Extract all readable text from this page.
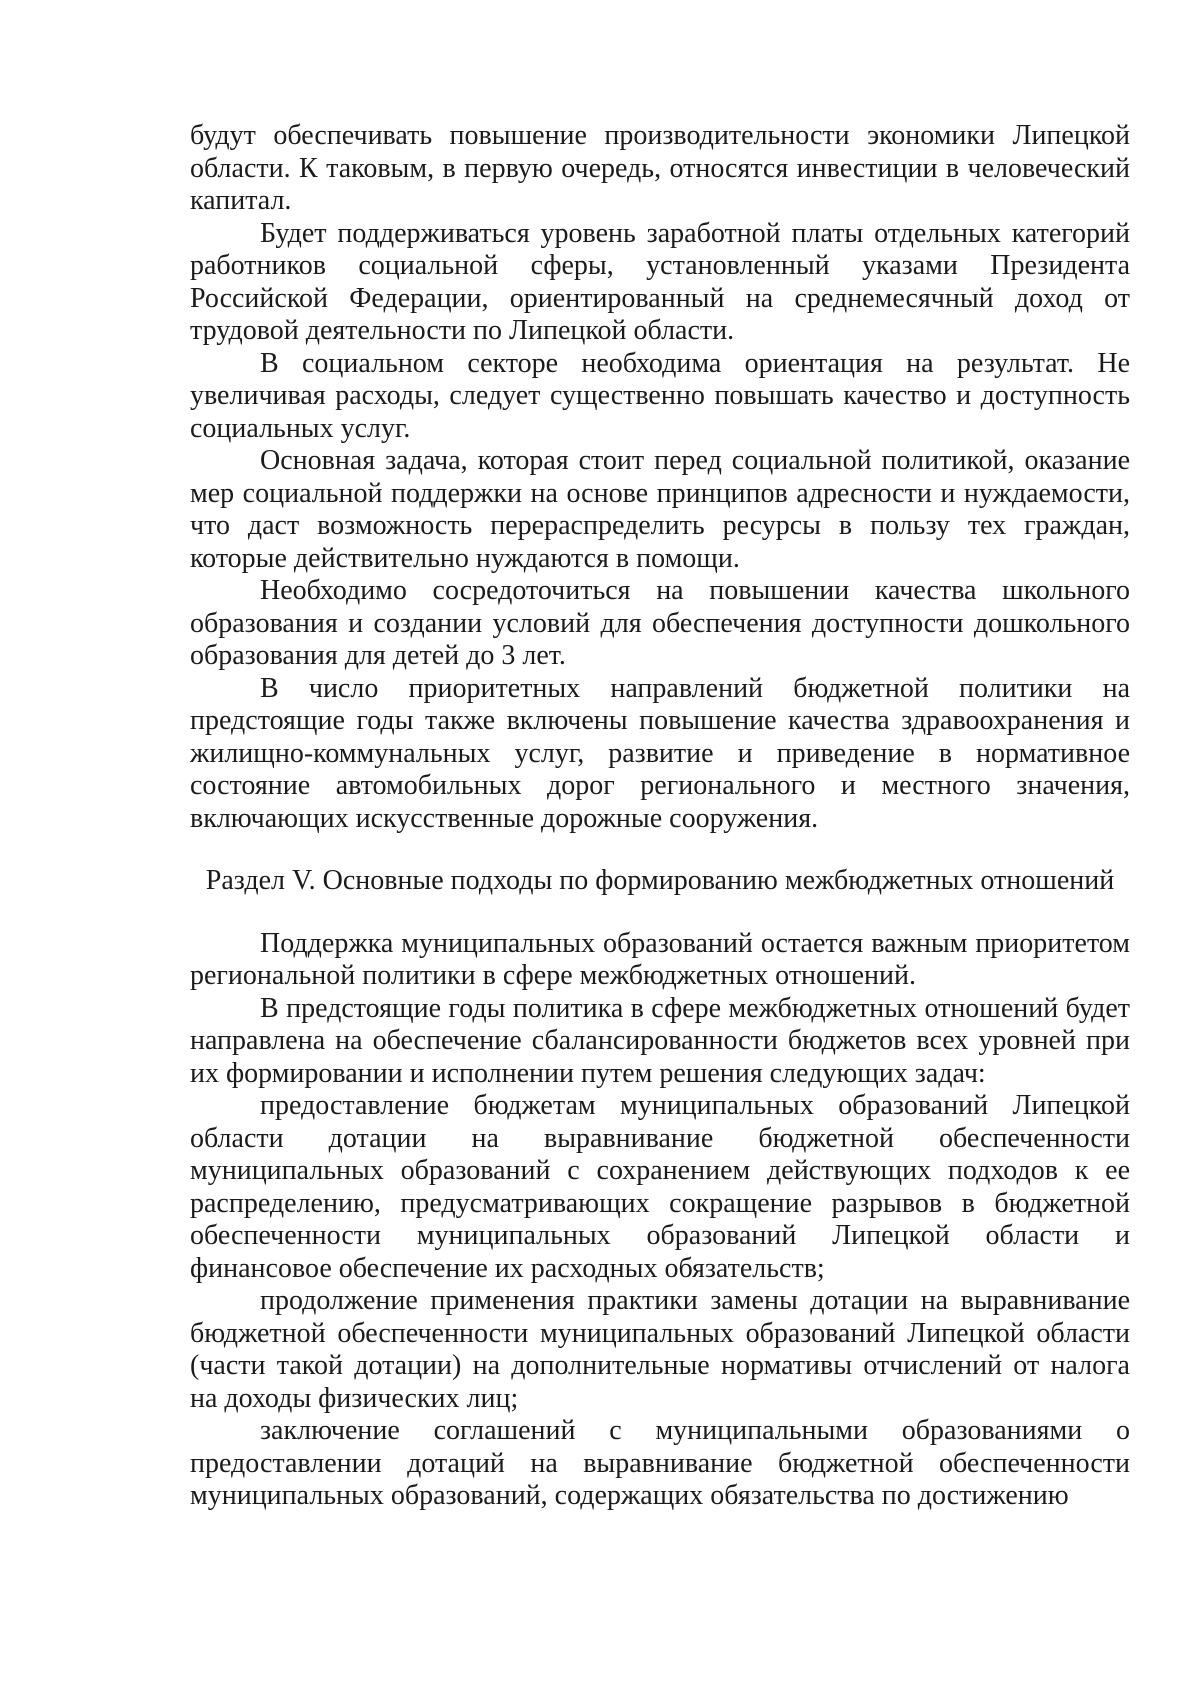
будут обеспечивать повышение производительности экономики Липецкой области. К таковым, в первую очередь, относятся инвестиции в человеческий капитал.

Будет поддерживаться уровень заработной платы отдельных категорий работников социальной сферы, установленный указами Президента Российской Федерации, ориентированный на среднемесячный доход от трудовой деятельности по Липецкой области.

В социальном секторе необходима ориентация на результат. Не увеличивая расходы, следует существенно повышать качество и доступность социальных услуг.

Основная задача, которая стоит перед социальной политикой, оказание мер социальной поддержки на основе принципов адресности и нуждаемости, что даст возможность перераспределить ресурсы в пользу тех граждан, которые действительно нуждаются в помощи.

Необходимо сосредоточиться на повышении качества школьного образования и создании условий для обеспечения доступности дошкольного образования для детей до 3 лет.

В число приоритетных направлений бюджетной политики на предстоящие годы также включены повышение качества здравоохранения и жилищно-коммунальных услуг, развитие и приведение в нормативное состояние автомобильных дорог регионального и местного значения, включающих искусственные дорожные сооружения.

Раздел V. Основные подходы по формированию межбюджетных отношений

Поддержка муниципальных образований остается важным приоритетом региональной политики в сфере межбюджетных отношений.

В предстоящие годы политика в сфере межбюджетных отношений будет направлена на обеспечение сбалансированности бюджетов всех уровней при их формировании и исполнении путем решения следующих задач:

предоставление бюджетам муниципальных образований Липецкой области дотации на выравнивание бюджетной обеспеченности муниципальных образований с сохранением действующих подходов к ее распределению, предусматривающих сокращение разрывов в бюджетной обеспеченности муниципальных образований Липецкой области и финансовое обеспечение их расходных обязательств;

продолжение применения практики замены дотации на выравнивание бюджетной обеспеченности муниципальных образований Липецкой области (части такой дотации) на дополнительные нормативы отчислений от налога на доходы физических лиц;

заключение соглашений с муниципальными образованиями о предоставлении дотаций на выравнивание бюджетной обеспеченности муниципальных образований, содержащих обязательства по достижению
